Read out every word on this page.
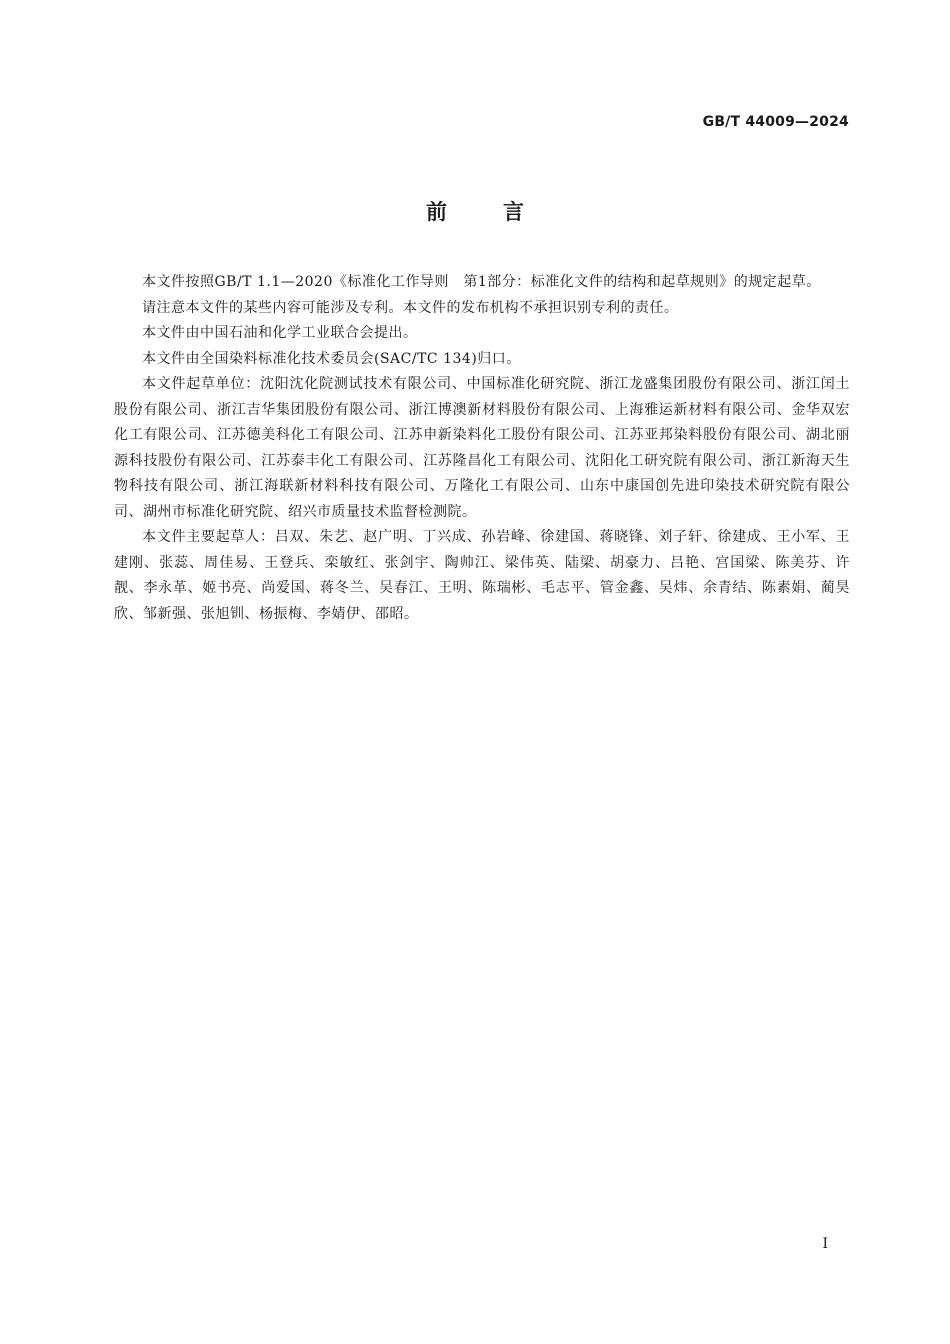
GB/T 44009—2024
前言

本文件按照GB/T 1.1—2020《标准化工作导则　第1部分：标准化文件的结构和起草规则》的规定起草。

请注意本文件的某些内容可能涉及专利。本文件的发布机构不承担识别专利的责任。

本文件由中国石油和化学工业联合会提出。

本文件由全国染料标准化技术委员会(SAC/TC 134)归口。

本文件起草单位：沈阳沈化院测试技术有限公司、中国标准化研究院、浙江龙盛集团股份有限公司、浙江闰土股份有限公司、浙江吉华集团股份有限公司、浙江博澳新材料股份有限公司、上海雅运新材料有限公司、金华双宏化工有限公司、江苏德美科化工有限公司、江苏申新染料化工股份有限公司、江苏亚邦染料股份有限公司、湖北丽源科技股份有限公司、江苏泰丰化工有限公司、江苏隆昌化工有限公司、沈阳化工研究院有限公司、浙江新海天生物科技有限公司、浙江海联新材料科技有限公司、万隆化工有限公司、山东中康国创先进印染技术研究院有限公司、湖州市标准化研究院、绍兴市质量技术监督检测院。

本文件主要起草人：吕双、朱艺、赵广明、丁兴成、孙岩峰、徐建国、蒋晓锋、刘子轩、徐建成、王小军、王建刚、张蕊、周佳易、王登兵、栾敏红、张剑宇、陶帅江、梁伟英、陆梁、胡豪力、吕艳、宫国梁、陈美芬、许靓、李永革、姬书亮、尚爱国、蒋冬兰、吴春江、王明、陈瑞彬、毛志平、管金鑫、吴炜、余青结、陈素娟、蔺昊欣、邹新强、张旭钏、杨振梅、李婧伊、邵昭。

I
